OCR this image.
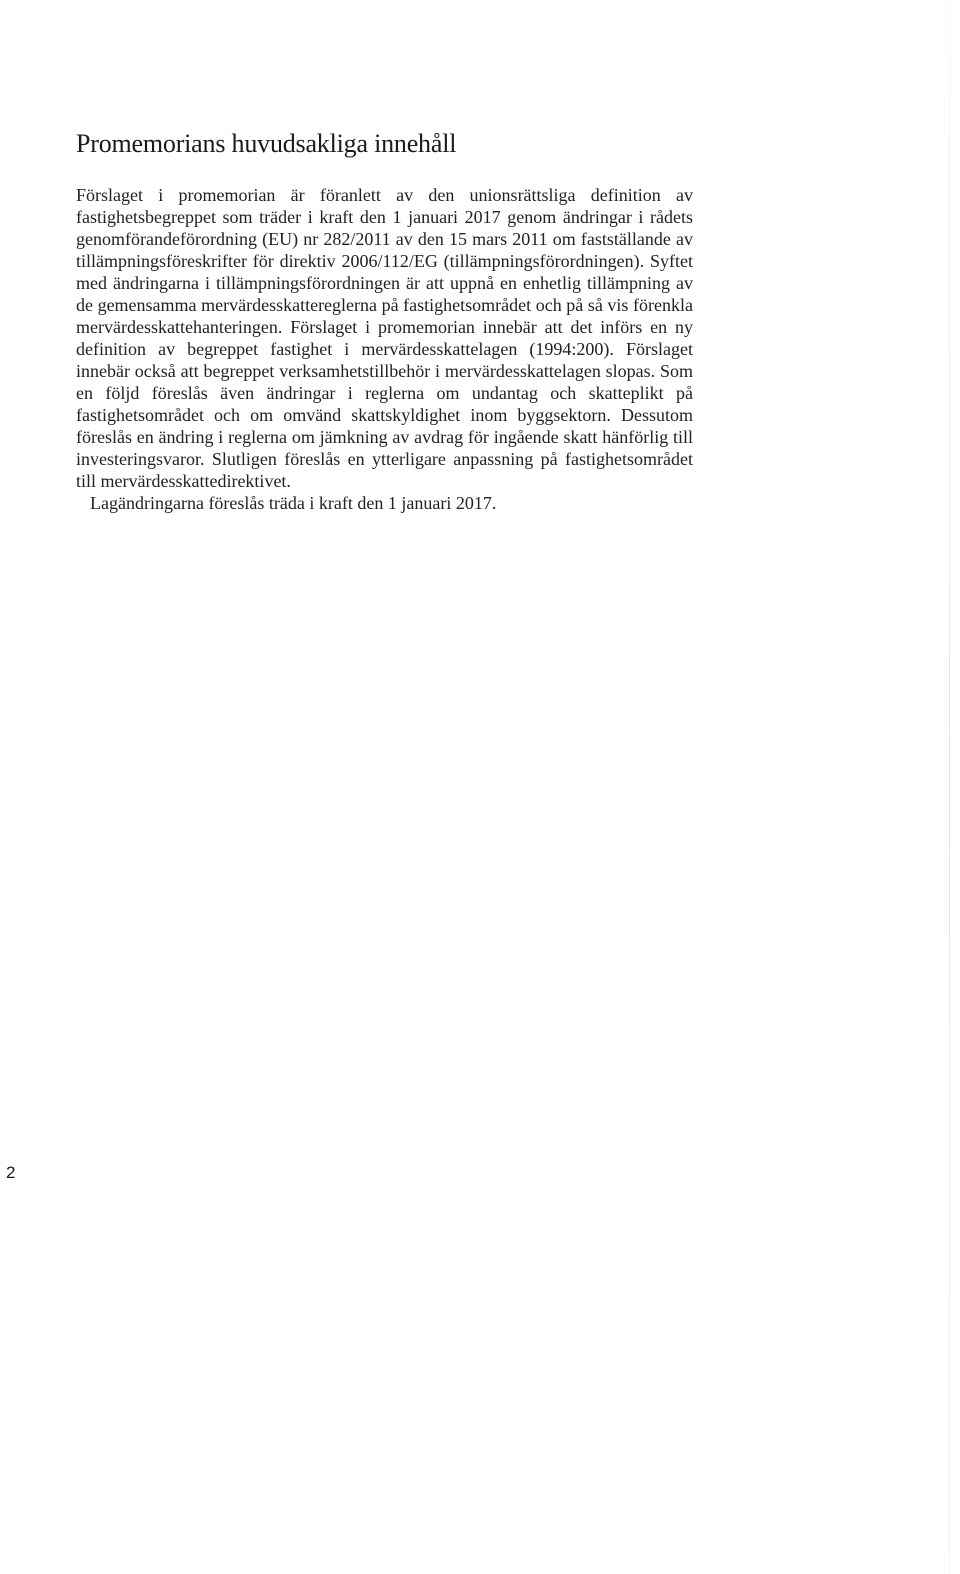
Promemorians huvudsakliga innehåll

Förslaget i promemorian är föranlett av den unionsrättsliga definition av fastighetsbegreppet som träder i kraft den 1 januari 2017 genom ändringar i rådets genomförandeförordning (EU) nr 282/2011 av den 15 mars 2011 om fastställande av tillämpningsföreskrifter för direktiv 2006/112/EG (tillämpningsförordningen). Syftet med ändringarna i tillämpningsförordningen är att uppnå en enhetlig tillämpning av de gemensamma mervärdesskattereglerna på fastighetsområdet och på så vis förenkla mervärdesskattehanteringen. Förslaget i promemorian innebär att det införs en ny definition av begreppet fastighet i mervärdesskattelagen (1994:200). Förslaget innebär också att begreppet verksamhetstillbehör i mervärdesskattelagen slopas. Som en följd föreslås även ändringar i reglerna om undantag och skatteplikt på fastighetsområdet och om omvänd skattskyldighet inom byggsektorn. Dessutom föreslås en ändring i reglerna om jämkning av avdrag för ingående skatt hänförlig till investeringsvaror. Slutligen föreslås en ytterligare anpassning på fastighetsområdet till mervärdesskattedirektivet.

Lagändringarna föreslås träda i kraft den 1 januari 2017.

2
